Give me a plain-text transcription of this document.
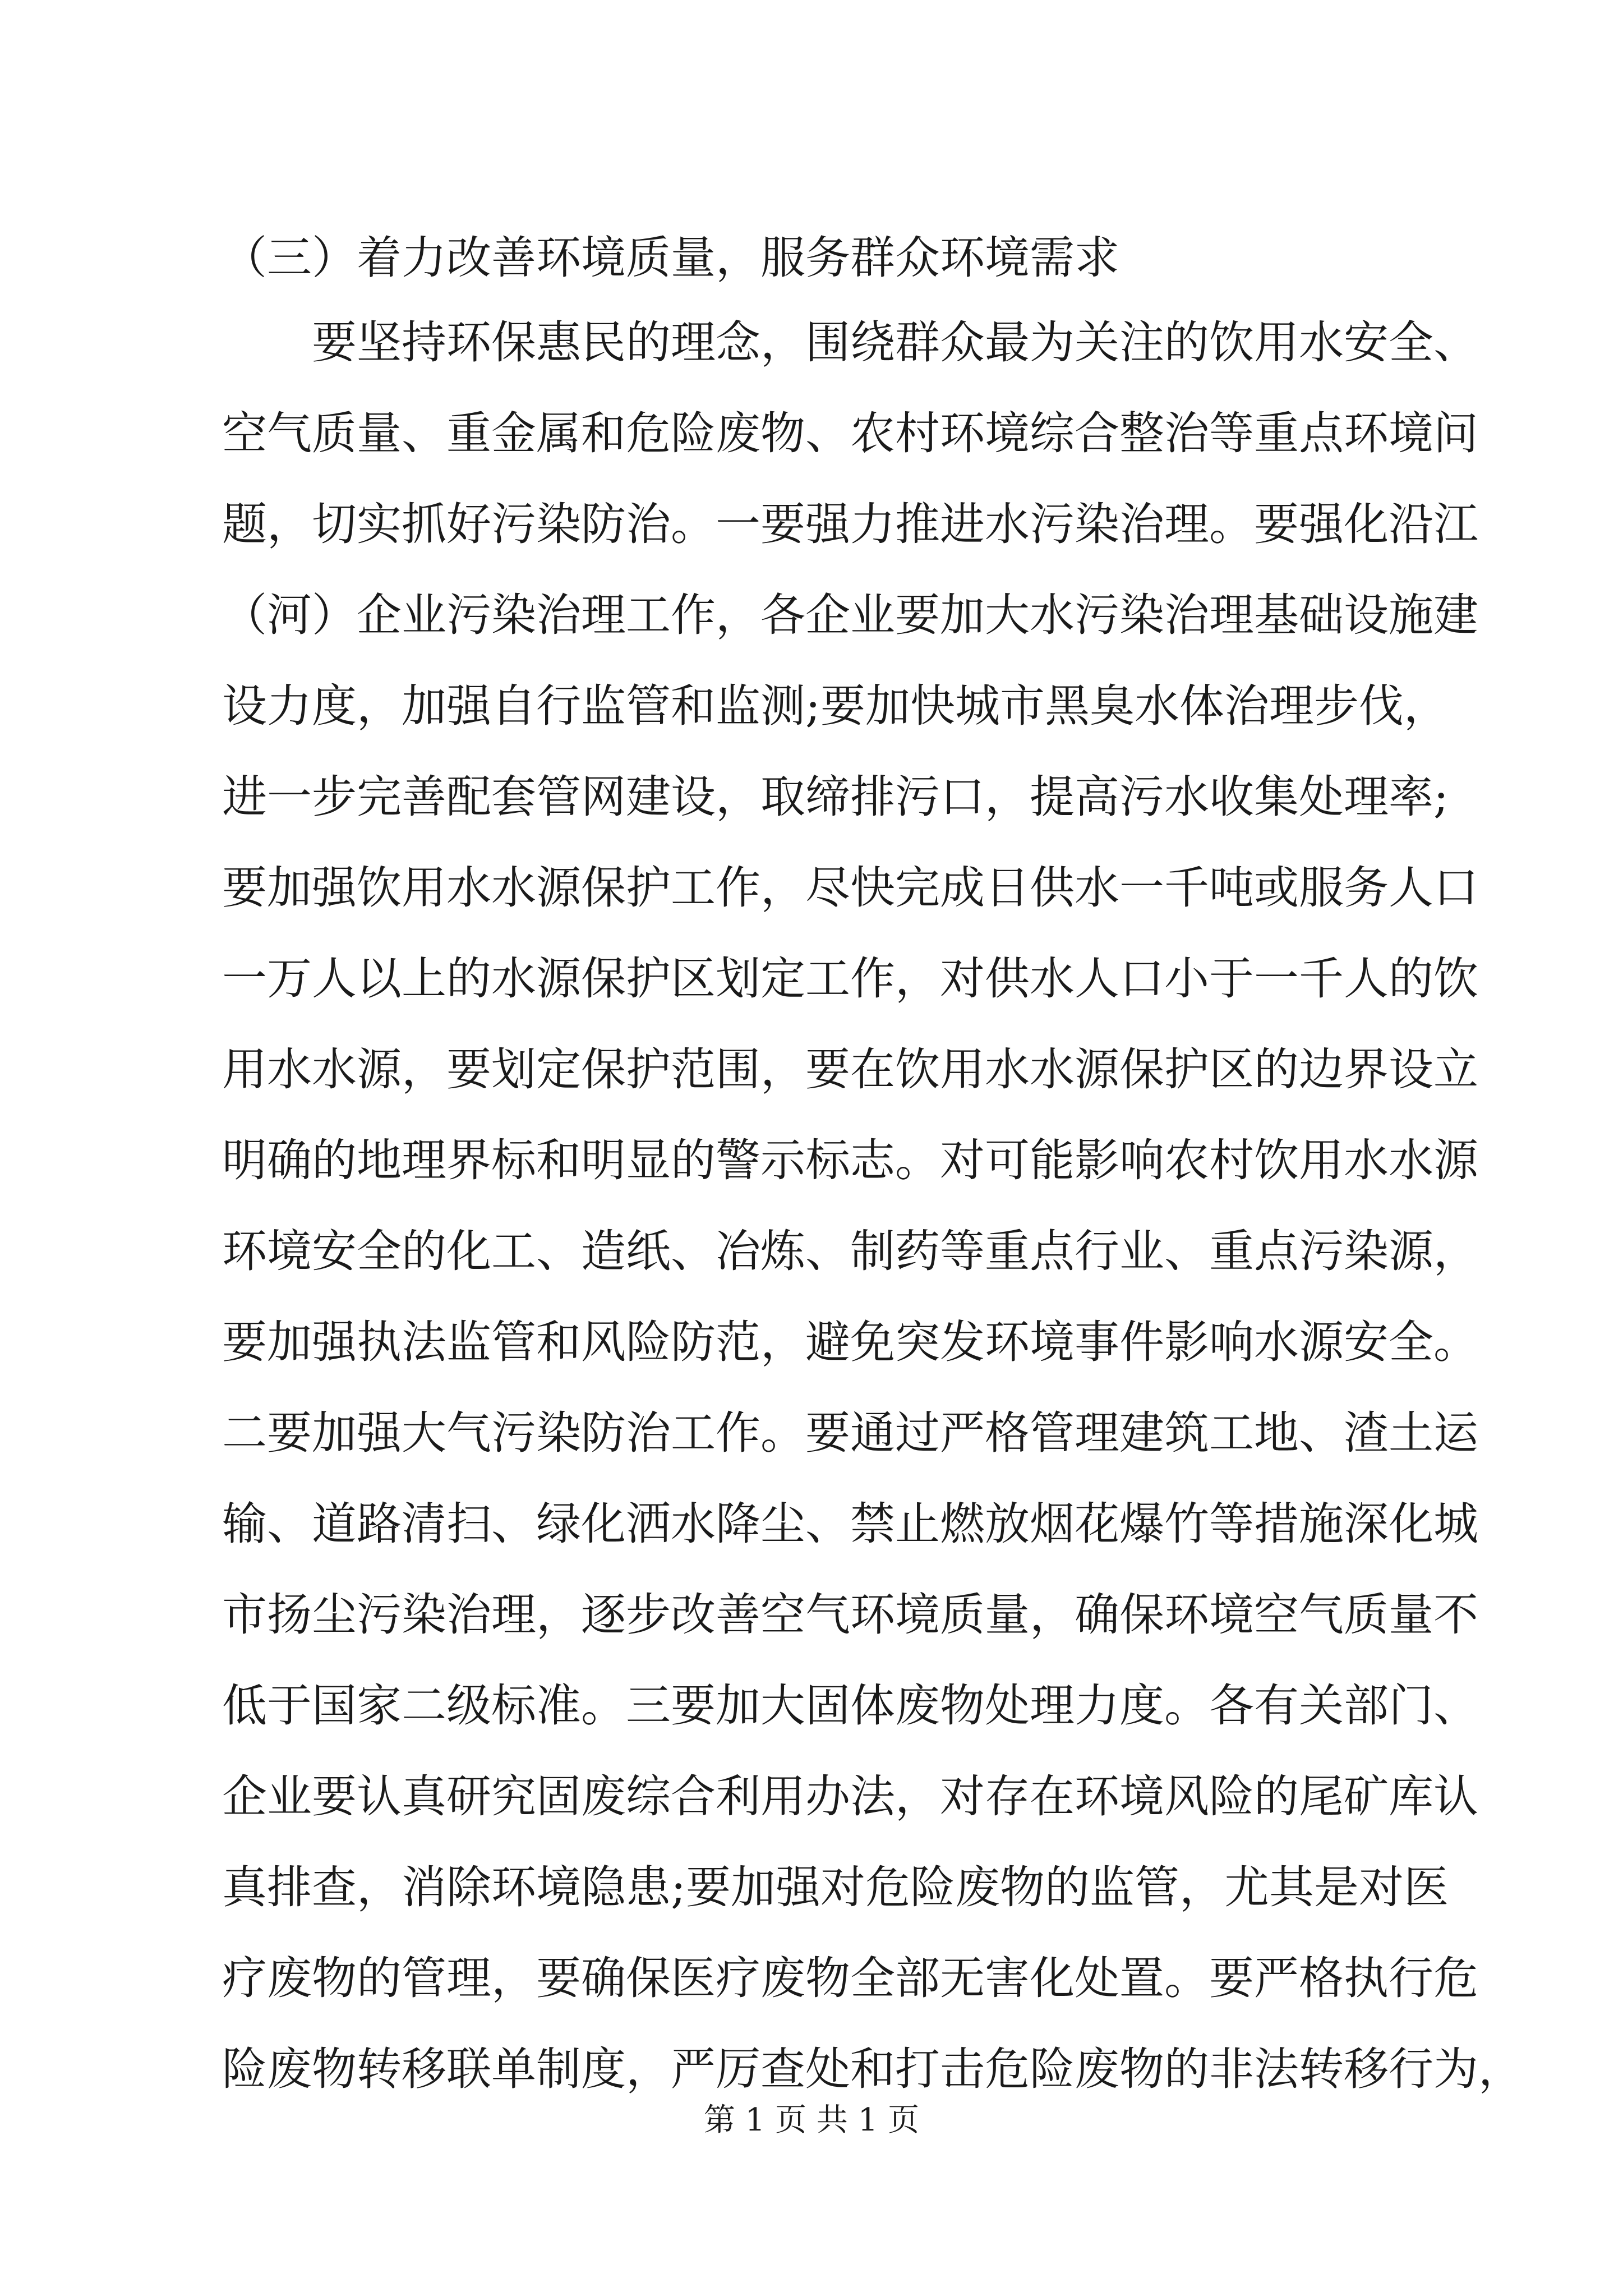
（三）着力改善环境质量，服务群众环境需求
要坚持环保惠民的理念，围绕群众最为关注的饮用水安全、
空气质量、重金属和危险废物、农村环境综合整治等重点环境问
题，切实抓好污染防治。一要强力推进水污染治理。要强化沿江
（河）企业污染治理工作，各企业要加大水污染治理基础设施建
设力度，加强自行监管和监测;要加快城市黑臭水体治理步伐，
进一步完善配套管网建设，取缔排污口，提高污水收集处理率;
要加强饮用水水源保护工作，尽快完成日供水一千吨或服务人口
一万人以上的水源保护区划定工作，对供水人口小于一千人的饮
用水水源，要划定保护范围，要在饮用水水源保护区的边界设立
明确的地理界标和明显的警示标志。对可能影响农村饮用水水源
环境安全的化工、造纸、冶炼、制药等重点行业、重点污染源，
要加强执法监管和风险防范，避免突发环境事件影响水源安全。
二要加强大气污染防治工作。要通过严格管理建筑工地、渣土运
输、道路清扫、绿化洒水降尘、禁止燃放烟花爆竹等措施深化城
市扬尘污染治理，逐步改善空气环境质量，确保环境空气质量不
低于国家二级标准。三要加大固体废物处理力度。各有关部门、
企业要认真研究固废综合利用办法，对存在环境风险的尾矿库认
真排查，消除环境隐患;要加强对危险废物的监管，尤其是对医
疗废物的管理，要确保医疗废物全部无害化处置。要严格执行危
险废物转移联单制度，严厉查处和打击危险废物的非法转移行为，
第 1 页 共 1 页
